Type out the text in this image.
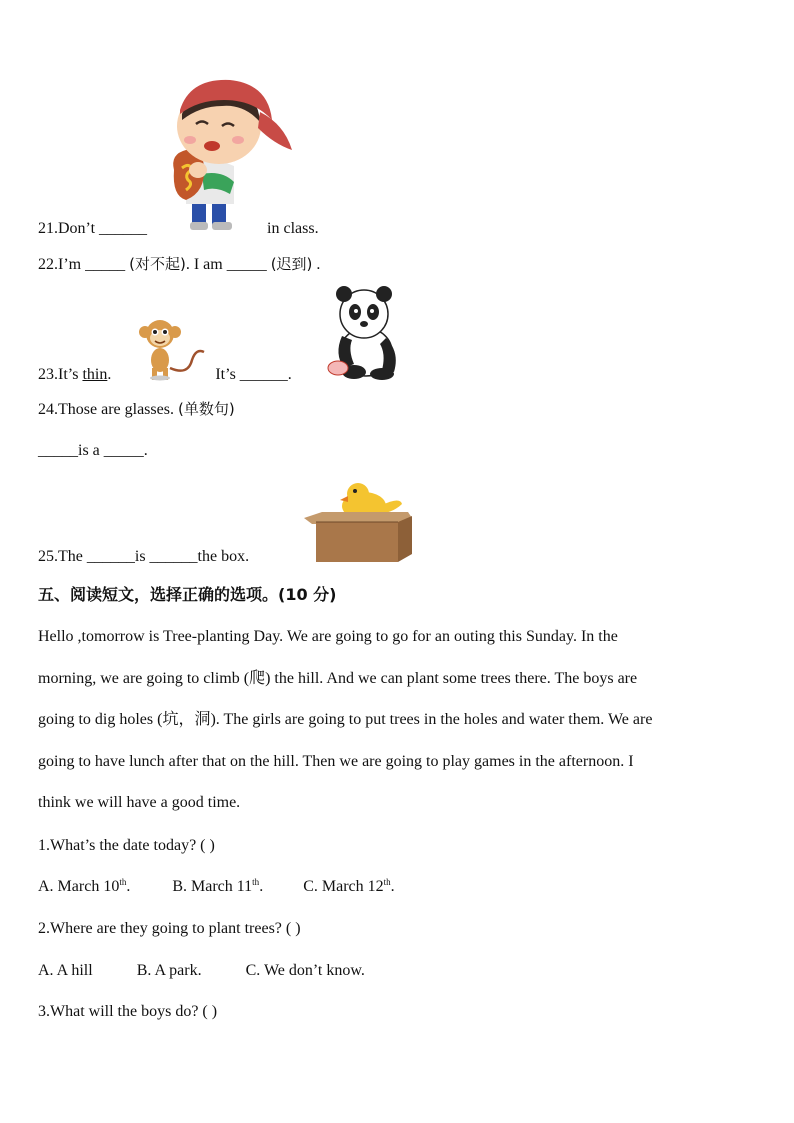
21.Don’t ______	in class.
22.I’m _____ (对不起). I am _____ (迟到) .
23.It’s thin.	It’s ______.
24.Those are glasses. (单数句)
_____is a _____.
25.The ______is ______the box.
五、阅读短文，选择正确的选项。(10 分)
Hello ,tomorrow is Tree-planting Day. We are going to go for an outing this Sunday. In the
morning, we are going to climb (爬) the hill. And we can plant some trees there. The boys are
going to dig holes (坑，洞). The girls are going to put trees in the holes and water them. We are
going to have lunch after that on the hill. Then we are going to play games in the afternoon. I
think we will have a good time.
1.What’s the date today? ( )
A. March 10th.	B. March 11th.	C. March 12th.
2.Where are they going to plant trees? ( )
A. A hill	B. A park.	C. We don’t know.
3.What will the boys do? ( )
